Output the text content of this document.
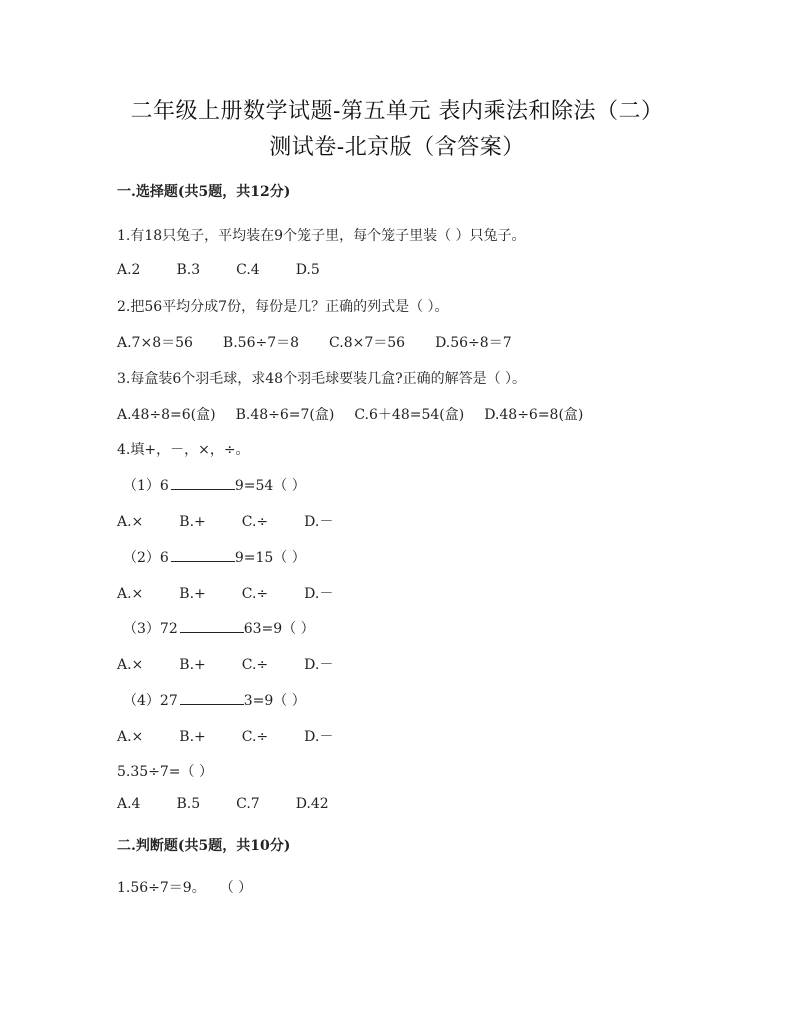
二年级上册数学试题-第五单元 表内乘法和除法（二）
测试卷-北京版（含答案）
一.选择题(共5题，共12分)
1.有18只兔子，平均装在9个笼子里，每个笼子里装（ ）只兔子。
A.2	B.3	C.4	D.5
2.把56平均分成7份，每份是几？正确的列式是（ ）。
A.7×8＝56 B.56÷7＝8 C.8×7＝56 D.56÷8＝7
3.每盒装6个羽毛球，求48个羽毛球要装几盒?正确的解答是（ ）。
A.48÷8=6(盒) B.48÷6=7(盒) C.6＋48=54(盒) D.48÷6=8(盒)
4.填+，－，×，÷。
（1）6	9=54（ ）
A.×	B.+	C.÷	D.－
（2）6	9=15（ ）
A.×	B.+	C.÷	D.－
（3）72	63=9（ ）
A.×	B.+	C.÷	D.－
（4）27	3=9（ ）
A.×	B.+	C.÷	D.－
5.35÷7=（ ）
A.4	B.5	C.7	D.42
二.判断题(共5题，共10分)
1.56÷7＝9。　　（ ）
